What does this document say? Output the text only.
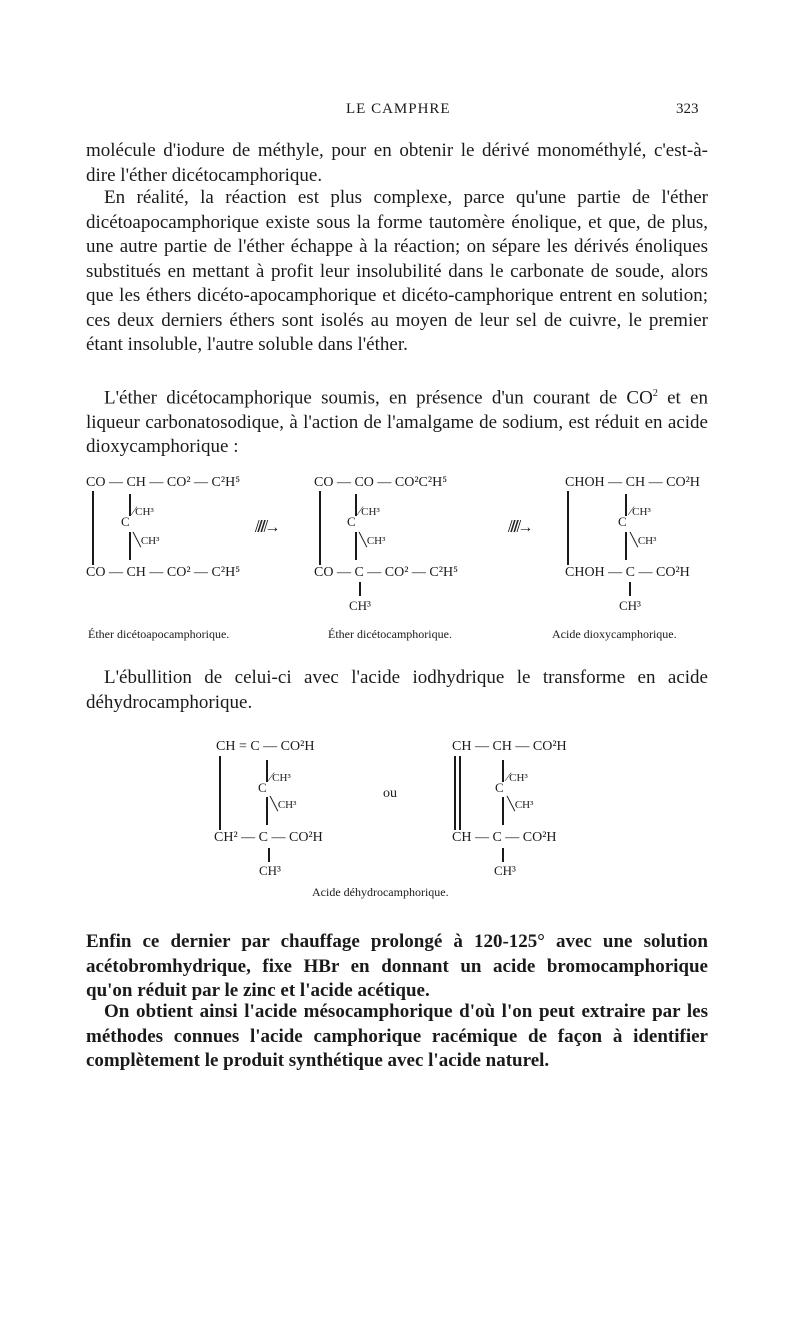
LE CAMPHRE	323

molécule d'iodure de méthyle, pour en obtenir le dérivé monométhylé, c'est-à-dire l'éther dicétocamphorique.

En réalité, la réaction est plus complexe, parce qu'une partie de l'éther dicétoapocamphorique existe sous la forme tautomère énolique, et que, de plus, une autre partie de l'éther échappe à la réaction; on sépare les dérivés énoliques substitués en mettant à profit leur insolubilité dans le carbonate de soude, alors que les éthers dicéto-apocamphorique et dicéto-camphorique entrent en solution; ces deux derniers éthers sont isolés au moyen de leur sel de cuivre, le premier étant insoluble, l'autre soluble dans l'éther.

L'éther dicétocamphorique soumis, en présence d'un courant de $CO^2$ et en liqueur carbonatosodique, à l'action de l'amalgame de sodium, est réduit en acide dioxycamphorique :

CO — CH — CO² — C²H⁵
C
⁄CH³
╲CH³
CO — CH — CO² — C²H⁵
Éther dicétoapocamphorique.
⫽⫽⫽→
CO — CO — CO²C²H⁵
C
⁄CH³
╲CH³
CO — C — CO² — C²H⁵
CH³
Éther dicétocamphorique.
⫽⫽⫽→
CHOH — CH — CO²H
C
⁄CH³
╲CH³
CHOH — C — CO²H
CH³
Acide dioxycamphorique.

L'ébullition de celui-ci avec l'acide iodhydrique le transforme en acide déhydrocamphorique.

CH = C — CO²H
C
⁄CH³
╲CH³
CH² — C — CO²H
CH³
ou
CH — CH — CO²H
C
⁄CH³
╲CH³
CH — C — CO²H
CH³
Acide déhydrocamphorique.

Enfin ce dernier par chauffage prolongé à 120-125° avec une solution acétobromhydrique, fixe HBr en donnant un acide bromocamphorique qu'on réduit par le zinc et l'acide acétique.

On obtient ainsi l'acide mésocamphorique d'où l'on peut extraire par les méthodes connues l'acide camphorique racémique de façon à identifier complètement le produit synthétique avec l'acide naturel.
